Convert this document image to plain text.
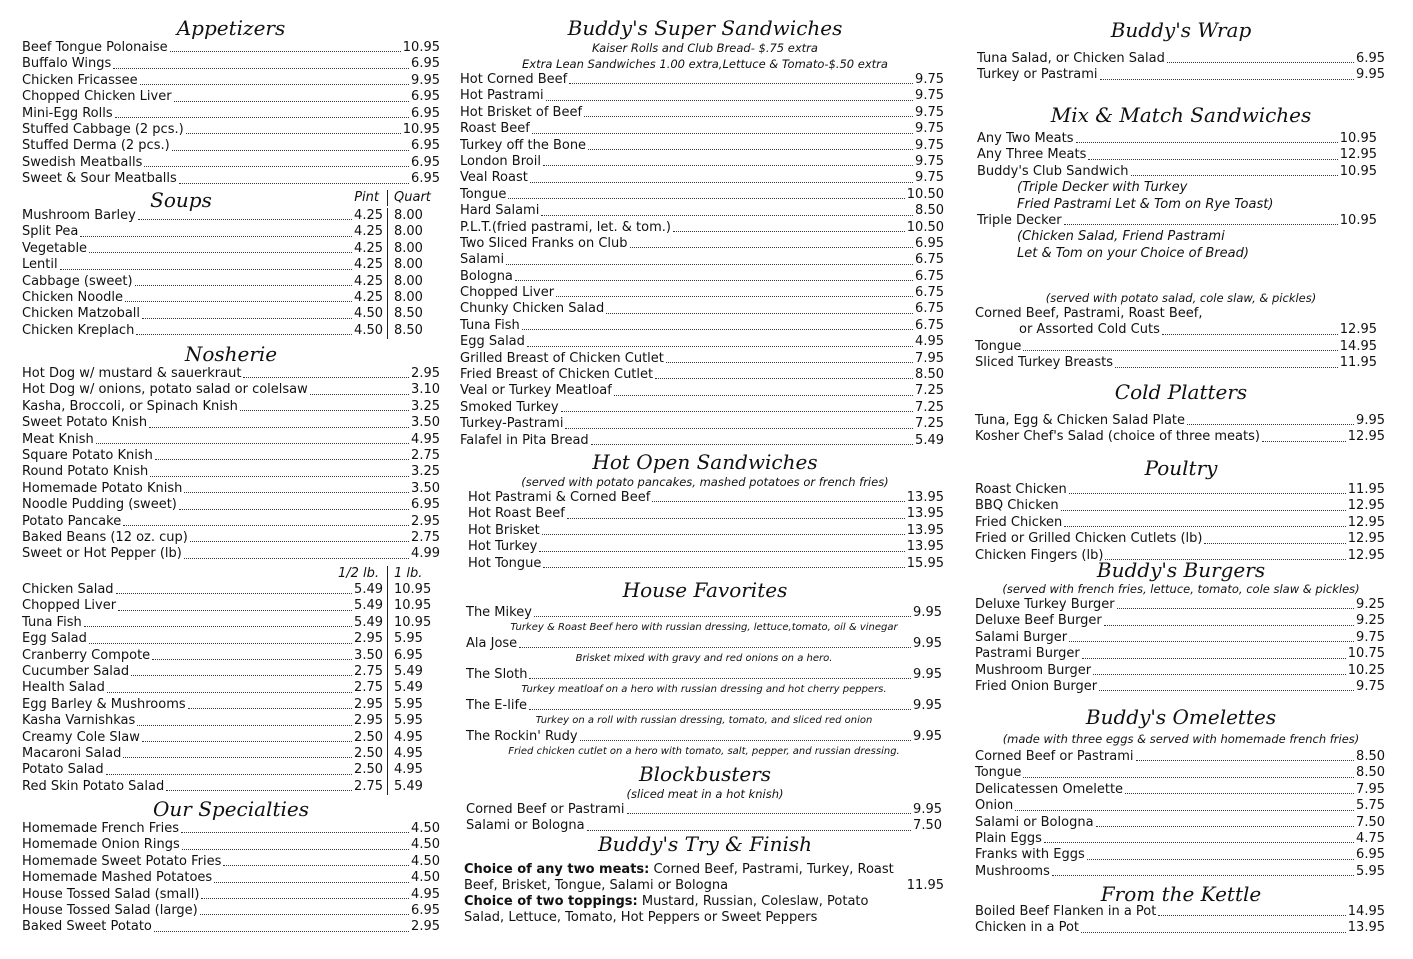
Appetizers
Beef Tongue Polonaise	10.95
Buffalo Wings	6.95
Chicken Fricassee	9.95
Chopped Chicken Liver	6.95
Mini-Egg Rolls	6.95
Stuffed Cabbage (2 pcs.)	10.95
Stuffed Derma (2 pcs.)	6.95
Swedish Meatballs	6.95
Sweet & Sour Meatballs	6.95
Soups	Pint	Quart
Mushroom Barley	4.25 8.00
Split Pea	4.25 8.00
Vegetable	4.25 8.00
Lentil	4.25 8.00
Cabbage (sweet)	4.25 8.00
Chicken Noodle	4.25 8.00
Chicken Matzoball	4.50 8.50
Chicken Kreplach	4.50 8.50
Nosherie
Hot Dog w/ mustard & sauerkraut	2.95
Hot Dog w/ onions, potato salad or colelsaw	3.10
Kasha, Broccoli, or Spinach Knish	3.25
Sweet Potato Knish	3.50
Meat Knish	4.95
Square Potato Knish	2.75
Round Potato Knish	3.25
Homemade Potato Knish	3.50
Noodle Pudding (sweet)	6.95
Potato Pancake	2.95
Baked Beans (12 oz. cup)	2.75
Sweet or Hot Pepper (lb)	4.99
1/2 lb.	1 lb.
Chicken Salad	5.49 10.95
Chopped Liver	5.49 10.95
Tuna Fish	5.49 10.95
Egg Salad	2.95 5.95
Cranberry Compote	3.50 6.95
Cucumber Salad	2.75 5.49
Health Salad	2.75 5.49
Egg Barley & Mushrooms	2.95 5.95
Kasha Varnishkas	2.95 5.95
Creamy Cole Slaw	2.50 4.95
Macaroni Salad	2.50 4.95
Potato Salad	2.50 4.95
Red Skin Potato Salad	2.75 5.49
Our Specialties
Homemade French Fries	4.50
Homemade Onion Rings	4.50
Homemade Sweet Potato Fries	4.50
Homemade Mashed Potatoes	4.50
House Tossed Salad (small)	4.95
House Tossed Salad (large)	6.95
Baked Sweet Potato	2.95
Buddy's Super Sandwiches
Kaiser Rolls and Club Bread- $.75 extra
Extra Lean Sandwiches 1.00 extra,Lettuce & Tomato-$.50 extra
Hot Corned Beef	9.75
Hot Pastrami	9.75
Hot Brisket of Beef	9.75
Roast Beef	9.75
Turkey off the Bone	9.75
London Broil	9.75
Veal Roast	9.75
Tongue	10.50
Hard Salami	8.50
P.L.T.(fried pastrami, let. & tom.)	10.50
Two Sliced Franks on Club	6.95
Salami	6.75
Bologna	6.75
Chopped Liver	6.75
Chunky Chicken Salad	6.75
Tuna Fish	6.75
Egg Salad	4.95
Grilled Breast of Chicken Cutlet	7.95
Fried Breast of Chicken Cutlet	8.50
Veal or Turkey Meatloaf	7.25
Smoked Turkey	7.25
Turkey-Pastrami	7.25
Falafel in Pita Bread	5.49
Hot Open Sandwiches
(served with potato pancakes, mashed potatoes or french fries)
Hot Pastrami & Corned Beef	13.95
Hot Roast Beef	13.95
Hot Brisket	13.95
Hot Turkey	13.95
Hot Tongue	15.95
House Favorites
The Mikey	9.95
Turkey & Roast Beef hero with russian dressing, lettuce,tomato, oil & vinegar
Ala Jose	9.95
Brisket mixed with gravy and red onions on a hero.
The Sloth	9.95
Turkey meatloaf on a hero with russian dressing and hot cherry peppers.
The E-life	9.95
Turkey on a roll with russian dressing, tomato, and sliced red onion
The Rockin' Rudy	9.95
Fried chicken cutlet on a hero with tomato, salt, pepper, and russian dressing.
Blockbusters
(sliced meat in a hot knish)
Corned Beef or Pastrami	9.95
Salami or Bologna	7.50
Buddy's Try & Finish
Choice of any two meats: Corned Beef, Pastrami, Turkey, Roast Beef, Brisket, Tongue, Salami or Bologna	11.95
Choice of two toppings: Mustard, Russian, Coleslaw, Potato Salad, Lettuce, Tomato, Hot Peppers or Sweet Peppers
Buddy's Wrap
Tuna Salad, or Chicken Salad	6.95
Turkey or Pastrami	9.95
Mix & Match Sandwiches
Any Two Meats	10.95
Any Three Meats	12.95
Buddy's Club Sandwich	10.95
(Triple Decker with Turkey
Fried Pastrami Let & Tom on Rye Toast)
Triple Decker	10.95
(Chicken Salad, Friend Pastrami
Let & Tom on your Choice of Bread)
(served with potato salad, cole slaw, & pickles)
Corned Beef, Pastrami, Roast Beef,
or Assorted Cold Cuts	12.95
Tongue	14.95
Sliced Turkey Breasts	11.95
Cold Platters
Tuna, Egg & Chicken Salad Plate	9.95
Kosher Chef's Salad (choice of three meats)	12.95
Poultry
Roast Chicken	11.95
BBQ Chicken	12.95
Fried Chicken	12.95
Fried or Grilled Chicken Cutlets (lb)	12.95
Chicken Fingers (lb)	12.95
Buddy's Burgers
(served with french fries, lettuce, tomato, cole slaw & pickles)
Deluxe Turkey Burger	9.25
Deluxe Beef Burger	9.25
Salami Burger	9.75
Pastrami Burger	10.75
Mushroom Burger	10.25
Fried Onion Burger	9.75
Buddy's Omelettes
(made with three eggs & served with homemade french fries)
Corned Beef or Pastrami	8.50
Tongue	8.50
Delicatessen Omelette	7.95
Onion	5.75
Salami or Bologna	7.50
Plain Eggs	4.75
Franks with Eggs	6.95
Mushrooms	5.95
From the Kettle
Boiled Beef Flanken in a Pot	14.95
Chicken in a Pot	13.95
